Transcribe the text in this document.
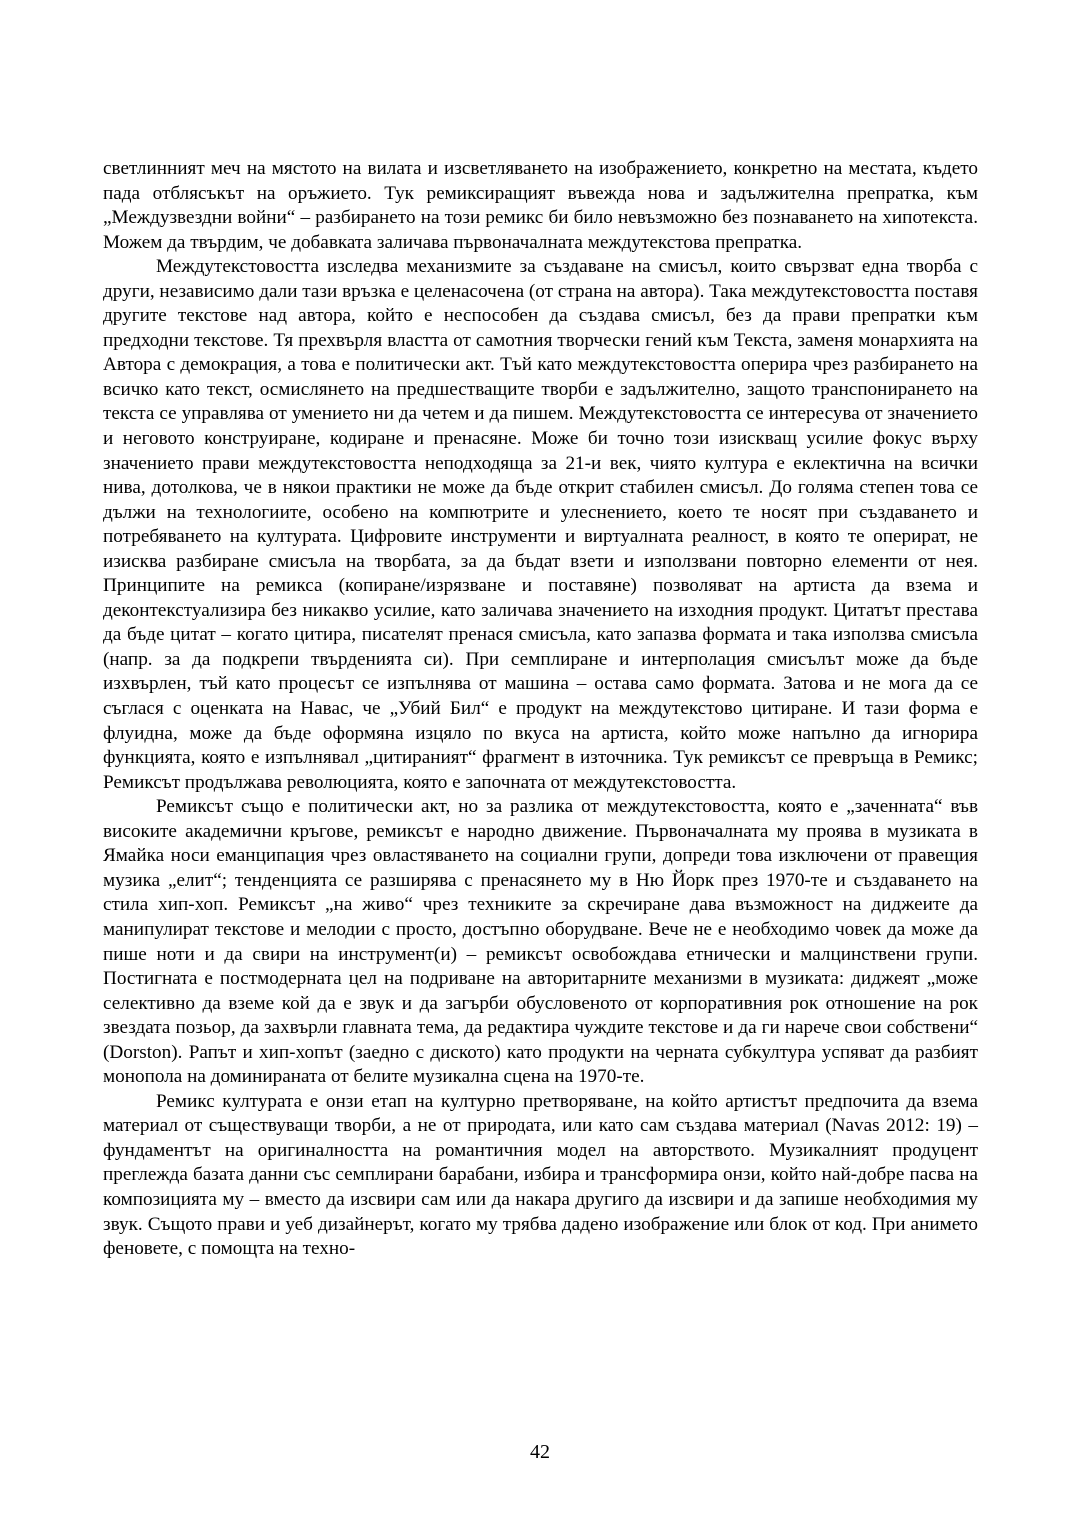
светлинният меч на мястото на вилата и изсветляването на изображението, конкретно на местата, където пада отблясъкът на оръжието. Тук ремиксиращият въвежда нова и задължителна препратка, към „Междузвездни войни“ – разбирането на този ремикс би било невъзможно без познаването на хипотекста. Можем да твърдим, че добавката заличава първоначалната междутекстова препратка.

Междутекстовостта изследва механизмите за създаване на смисъл, които свързват една творба с други, независимо дали тази връзка е целенасочена (от страна на автора). Така междутекстовостта поставя другите текстове над автора, който е неспособен да създава смисъл, без да прави препратки към предходни текстове. Тя прехвърля властта от самотния творчески гений към Текста, заменя монархията на Автора с демокрация, а това е политически акт. Тъй като междутекстовостта оперира чрез разбирането на всичко като текст, осмислянето на предшестващите творби е задължително, защото транспонирането на текста се управлява от умението ни да четем и да пишем. Междутекстовостта се интересува от значението и неговото конструиране, кодиране и пренасяне. Може би точно този изискващ усилие фокус върху значението прави междутекстовостта неподходяща за 21-и век, чиято култура е еклектична на всички нива, дотолкова, че в някои практики не може да бъде открит стабилен смисъл. До голяма степен това се дължи на технологиите, особено на компютрите и улеснението, което те носят при създаването и потребяването на културата. Цифровите инструменти и виртуалната реалност, в която те оперират, не изисква разбиране смисъла на творбата, за да бъдат взети и използвани повторно елементи от нея. Принципите на ремикса (копиране/изрязване и поставяне) позволяват на артиста да взема и деконтекстуализира без никакво усилие, като заличава значението на изходния продукт. Цитатът престава да бъде цитат – когато цитира, писателят пренася смисъла, като запазва формата и така използва смисъла (напр. за да подкрепи твърденията си). При семплиране и интерполация смисълът може да бъде изхвърлен, тъй като процесът се изпълнява от машина – остава само формата. Затова и не мога да се съглася с оценката на Навас, че „Убий Бил“ е продукт на междутекстово цитиране. И тази форма е флуидна, може да бъде оформяна изцяло по вкуса на артиста, който може напълно да игнорира функцията, която е изпълнявал „цитираният“ фрагмент в източника. Тук ремиксът се превръща в Ремикс; Ремиксът продължава революцията, която е започната от междутекстовостта.

Ремиксът също е политически акт, но за разлика от междутекстовостта, която е „заченната“ във високите академични кръгове, ремиксът е народно движение. Първоначалната му проява в музиката в Ямайка носи еманципация чрез овластяването на социални групи, допреди това изключени от правещия музика „елит“; тенденцията се разширява с пренасянето му в Ню Йорк през 1970-те и създаването на стила хип-хоп. Ремиксът „на живо“ чрез техниките за скречиране дава възможност на диджеите да манипулират текстове и мелодии с просто, достъпно оборудване. Вече не е необходимо човек да може да пише ноти и да свири на инструмент(и) – ремиксът освобождава етнически и малцинствени групи. Постигната е постмодерната цел на подриване на авторитарните механизми в музиката: диджеят „може селективно да вземе кой да е звук и да загърби обусловеното от корпоративния рок отношение на рок звездата позьор, да захвърли главната тема, да редактира чуждите текстове и да ги нарече свои собствени“ (Dorston). Рапът и хип-хопът (заедно с диското) като продукти на черната субкултура успяват да разбият монопола на доминираната от белите музикална сцена на 1970-те.

Ремикс културата е онзи етап на културно претворяване, на който артистът предпочита да взема материал от съществуващи творби, а не от природата, или като сам създава материал (Navas 2012: 19) – фундаментът на оригиналността на романтичния модел на авторството. Музикалният продуцент преглежда базата данни със семплирани барабани, избира и трансформира онзи, който най-добре пасва на композицията му – вместо да изсвири сам или да накара другиго да изсвири и да запише необходимия му звук. Същото прави и уеб дизайнерът, когато му трябва дадено изображение или блок от код. При анимето феновете, с помощта на техно-

42
